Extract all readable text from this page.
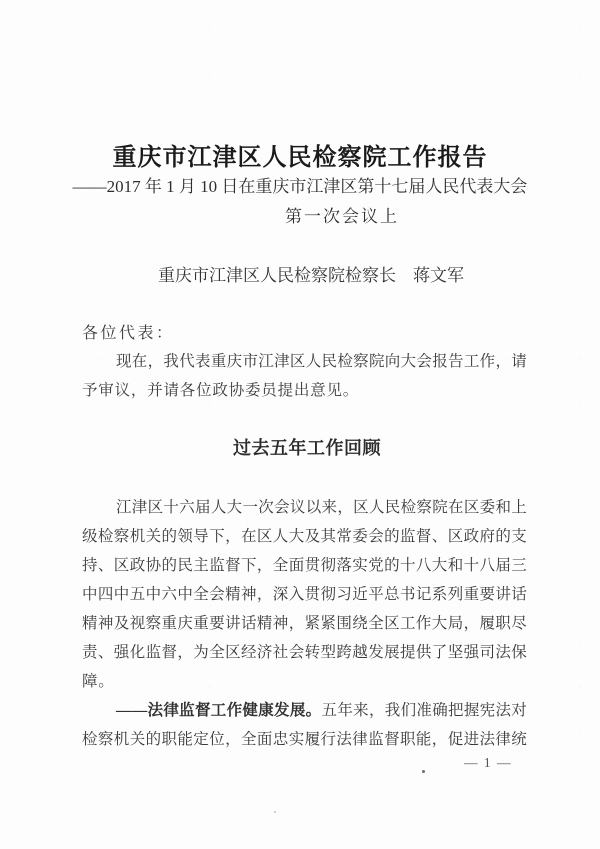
重庆市江津区人民检察院工作报告
——2017 年 1 月 10 日在重庆市江津区第十七届人民代表大会
第一次会议上
重庆市江津区人民检察院检察长　蒋文军
各位代表：
现在，我代表重庆市江津区人民检察院向大会报告工作，请
予审议，并请各位政协委员提出意见。
过去五年工作回顾
江津区十六届人大一次会议以来，区人民检察院在区委和上
级检察机关的领导下，在区人大及其常委会的监督、区政府的支
持、区政协的民主监督下，全面贯彻落实党的十八大和十八届三
中四中五中六中全会精神，深入贯彻习近平总书记系列重要讲话
精神及视察重庆重要讲话精神，紧紧围绕全区工作大局，履职尽
责、强化监督，为全区经济社会转型跨越发展提供了坚强司法保
障。
——法律监督工作健康发展。五年来，我们准确把握宪法对
检察机关的职能定位，全面忠实履行法律监督职能，促进法律统
— 1 —
